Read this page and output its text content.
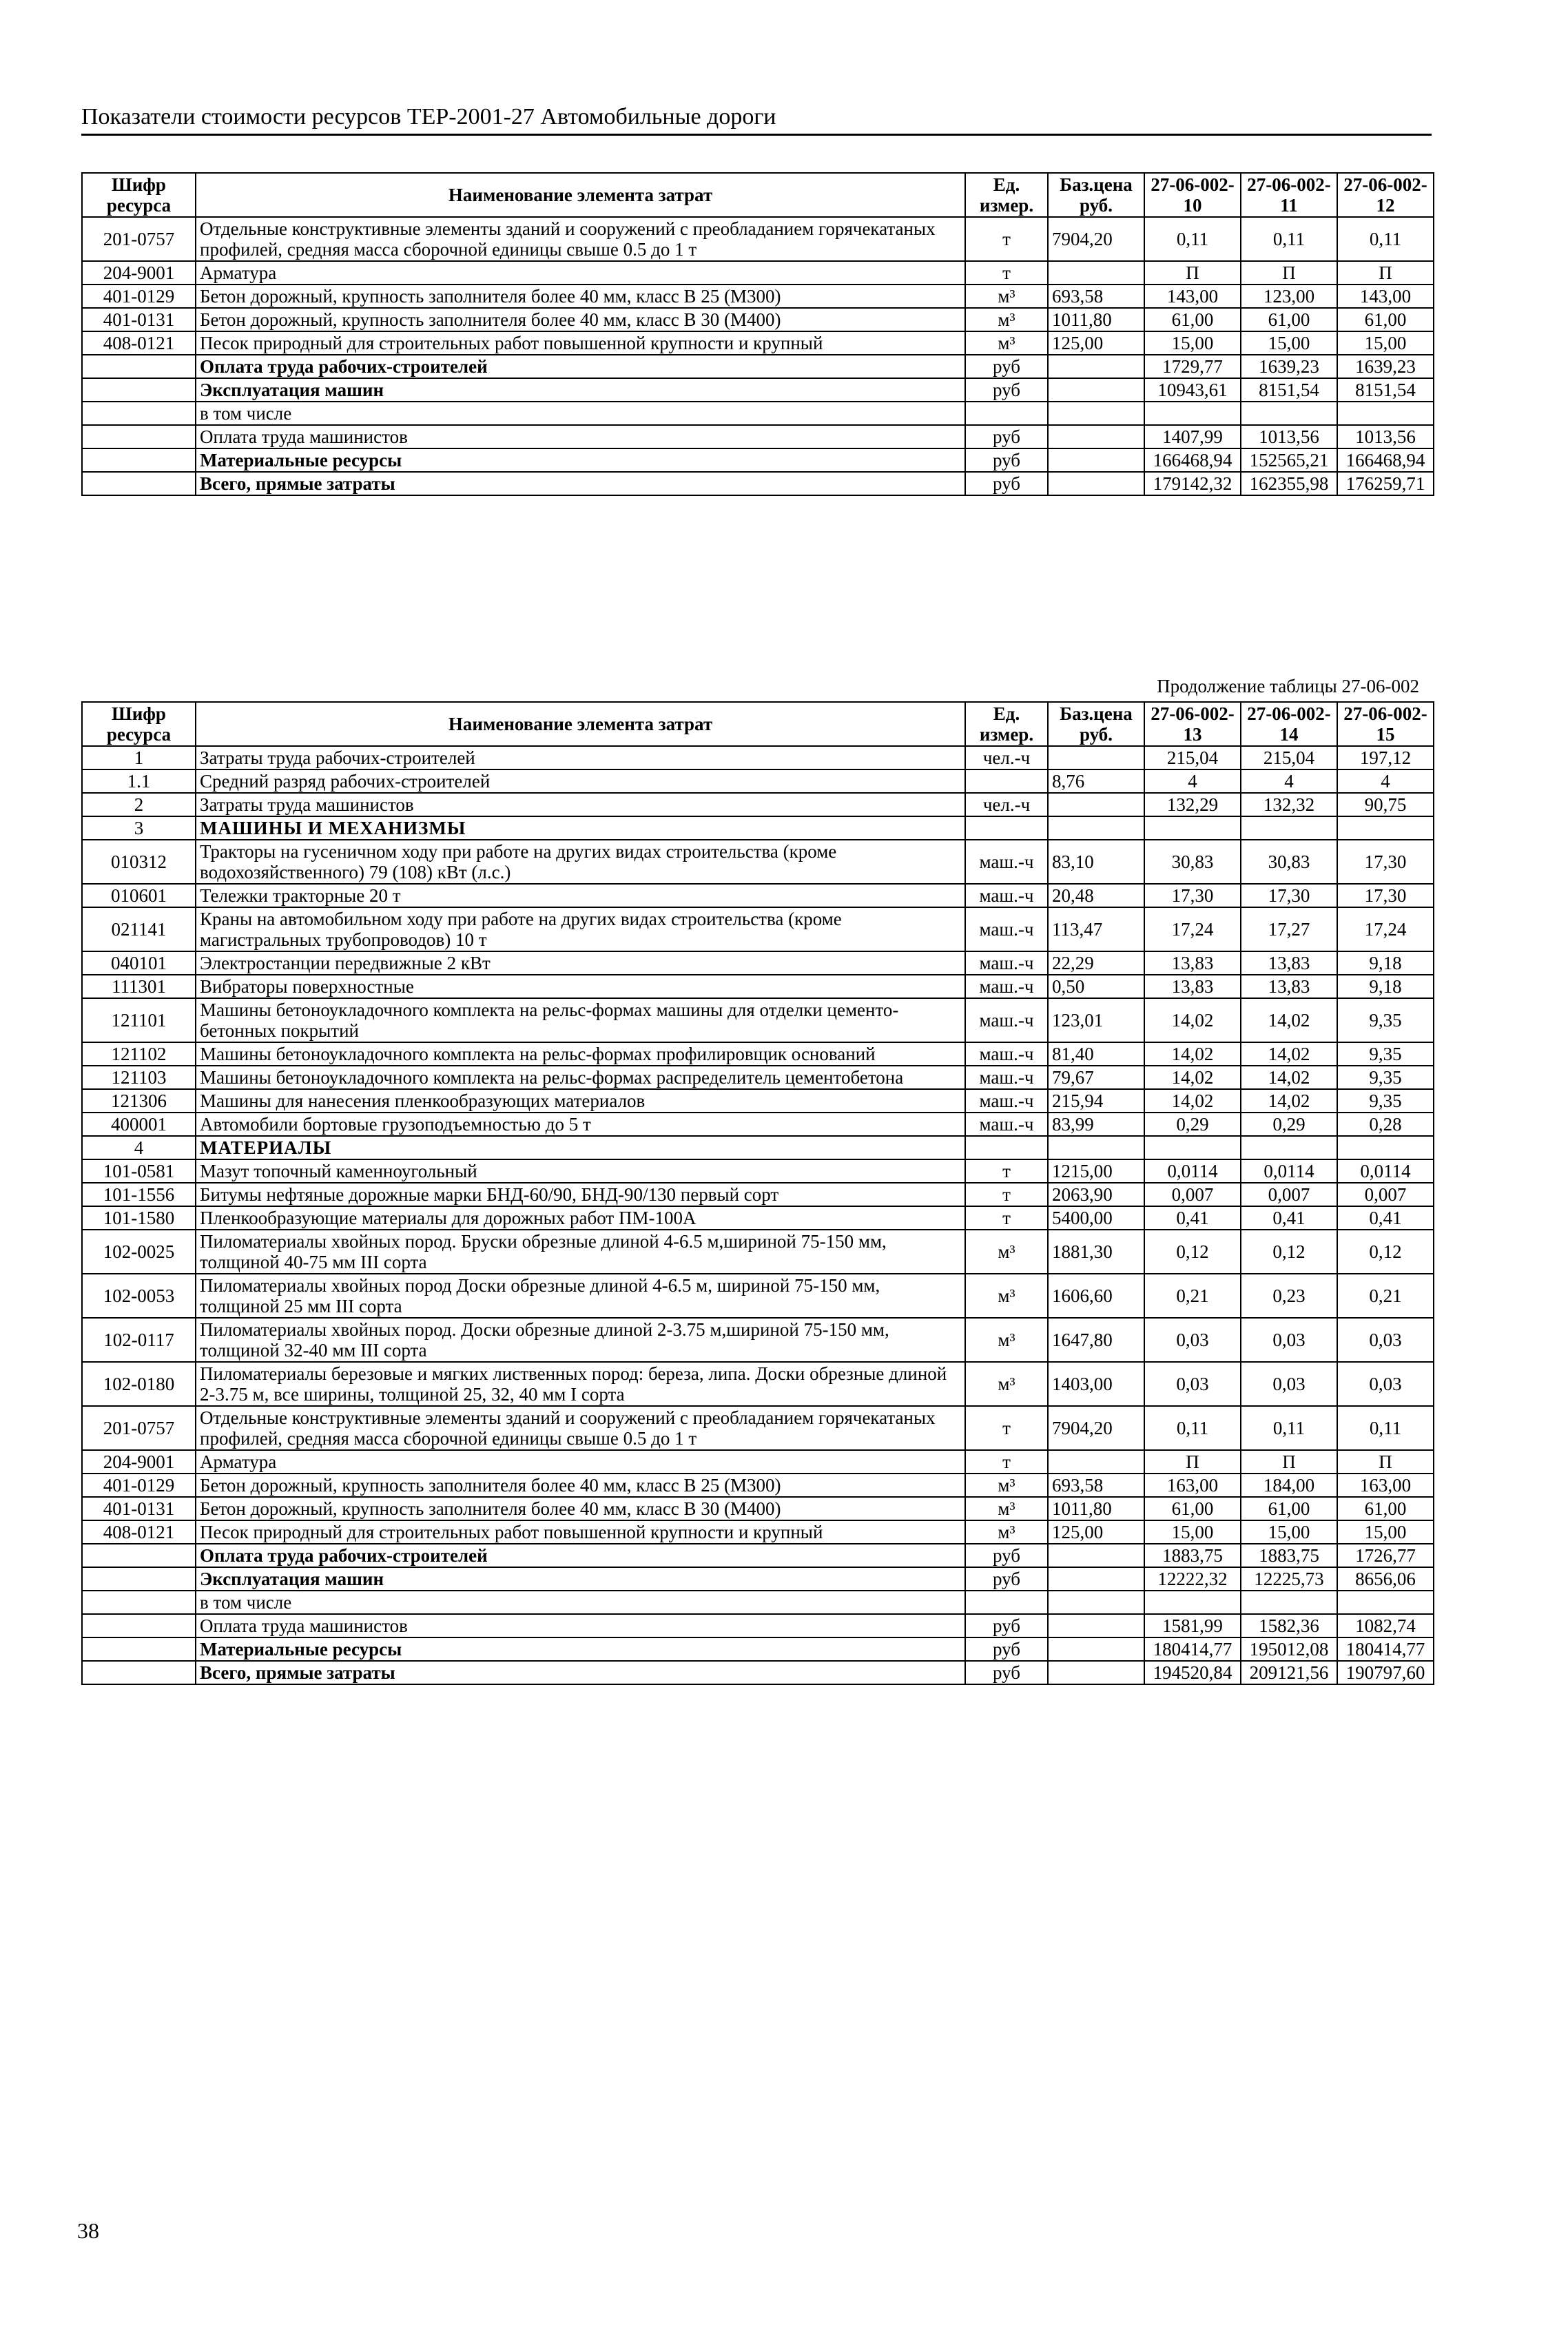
Показатели стоимости ресурсов ТЕР-2001-27 Автомобильные дороги
Шифр ресурса	Наименование элемента затрат	Ед. измер.	Баз.цена руб.	27-06-002-10	27-06-002-11	27-06-002-12
201-0757	Отдельные конструктивные элементы зданий и сооружений с преобладанием горячекатаных профилей, средняя масса сборочной единицы свыше 0.5 до 1 т	т	7904,20	0,11	0,11	0,11
204-9001	Арматура	т		П	П	П
401-0129	Бетон дорожный, крупность заполнителя более 40 мм, класс В 25 (М300)	м³	693,58	143,00	123,00	143,00
401-0131	Бетон дорожный, крупность заполнителя более 40 мм, класс В 30 (М400)	м³	1011,80	61,00	61,00	61,00
408-0121	Песок природный для строительных работ повышенной крупности и крупный	м³	125,00	15,00	15,00	15,00
	Оплата труда рабочих-строителей	руб		1729,77	1639,23	1639,23
	Эксплуатация машин	руб		10943,61	8151,54	8151,54
	в том числе					
	Оплата труда машинистов	руб		1407,99	1013,56	1013,56
	Материальные ресурсы	руб		166468,94	152565,21	166468,94
	Всего, прямые затраты	руб		179142,32	162355,98	176259,71
Продолжение таблицы 27-06-002
Шифр ресурса	Наименование элемента затрат	Ед. измер.	Баз.цена руб.	27-06-002-13	27-06-002-14	27-06-002-15
1	Затраты труда рабочих-строителей	чел.-ч		215,04	215,04	197,12
1.1	Средний разряд рабочих-строителей		8,76	4	4	4
2	Затраты труда машинистов	чел.-ч		132,29	132,32	90,75
3	МАШИНЫ И МЕХАНИЗМЫ					
010312	Тракторы на гусеничном ходу при работе на других видах строительства (кроме водохозяйственного) 79 (108) кВт (л.с.)	маш.-ч	83,10	30,83	30,83	17,30
010601	Тележки тракторные 20 т	маш.-ч	20,48	17,30	17,30	17,30
021141	Краны на автомобильном ходу при работе на других видах строительства (кроме магистральных трубопроводов) 10 т	маш.-ч	113,47	17,24	17,27	17,24
040101	Электростанции передвижные 2 кВт	маш.-ч	22,29	13,83	13,83	9,18
111301	Вибраторы поверхностные	маш.-ч	0,50	13,83	13,83	9,18
121101	Машины бетоноукладочного комплекта на рельс-формах машины для отделки цементо-бетонных покрытий	маш.-ч	123,01	14,02	14,02	9,35
121102	Машины бетоноукладочного комплекта на рельс-формах профилировщик оснований	маш.-ч	81,40	14,02	14,02	9,35
121103	Машины бетоноукладочного комплекта на рельс-формах распределитель цементобетона	маш.-ч	79,67	14,02	14,02	9,35
121306	Машины для нанесения пленкообразующих материалов	маш.-ч	215,94	14,02	14,02	9,35
400001	Автомобили бортовые грузоподъемностью до 5 т	маш.-ч	83,99	0,29	0,29	0,28
4	МАТЕРИАЛЫ					
101-0581	Мазут топочный каменноугольный	т	1215,00	0,0114	0,0114	0,0114
101-1556	Битумы нефтяные дорожные марки БНД-60/90, БНД-90/130 первый сорт	т	2063,90	0,007	0,007	0,007
101-1580	Пленкообразующие материалы для дорожных работ ПМ-100А	т	5400,00	0,41	0,41	0,41
102-0025	Пиломатериалы хвойных пород. Бруски обрезные длиной 4-6.5 м,шириной 75-150 мм, толщиной 40-75 мм III сорта	м³	1881,30	0,12	0,12	0,12
102-0053	Пиломатериалы хвойных пород Доски обрезные длиной 4-6.5 м, шириной 75-150 мм, толщиной 25 мм III сорта	м³	1606,60	0,21	0,23	0,21
102-0117	Пиломатериалы хвойных пород. Доски обрезные длиной 2-3.75 м,шириной 75-150 мм, толщиной 32-40 мм III сорта	м³	1647,80	0,03	0,03	0,03
102-0180	Пиломатериалы березовые и мягких лиственных пород: береза, липа. Доски обрезные длиной 2-3.75 м, все ширины, толщиной 25, 32, 40 мм I сорта	м³	1403,00	0,03	0,03	0,03
201-0757	Отдельные конструктивные элементы зданий и сооружений с преобладанием горячекатаных профилей, средняя масса сборочной единицы свыше 0.5 до 1 т	т	7904,20	0,11	0,11	0,11
204-9001	Арматура	т		П	П	П
401-0129	Бетон дорожный, крупность заполнителя более 40 мм, класс В 25 (М300)	м³	693,58	163,00	184,00	163,00
401-0131	Бетон дорожный, крупность заполнителя более 40 мм, класс В 30 (М400)	м³	1011,80	61,00	61,00	61,00
408-0121	Песок природный для строительных работ повышенной крупности и крупный	м³	125,00	15,00	15,00	15,00
	Оплата труда рабочих-строителей	руб		1883,75	1883,75	1726,77
	Эксплуатация машин	руб		12222,32	12225,73	8656,06
	в том числе					
	Оплата труда машинистов	руб		1581,99	1582,36	1082,74
	Материальные ресурсы	руб		180414,77	195012,08	180414,77
	Всего, прямые затраты	руб		194520,84	209121,56	190797,60
38
